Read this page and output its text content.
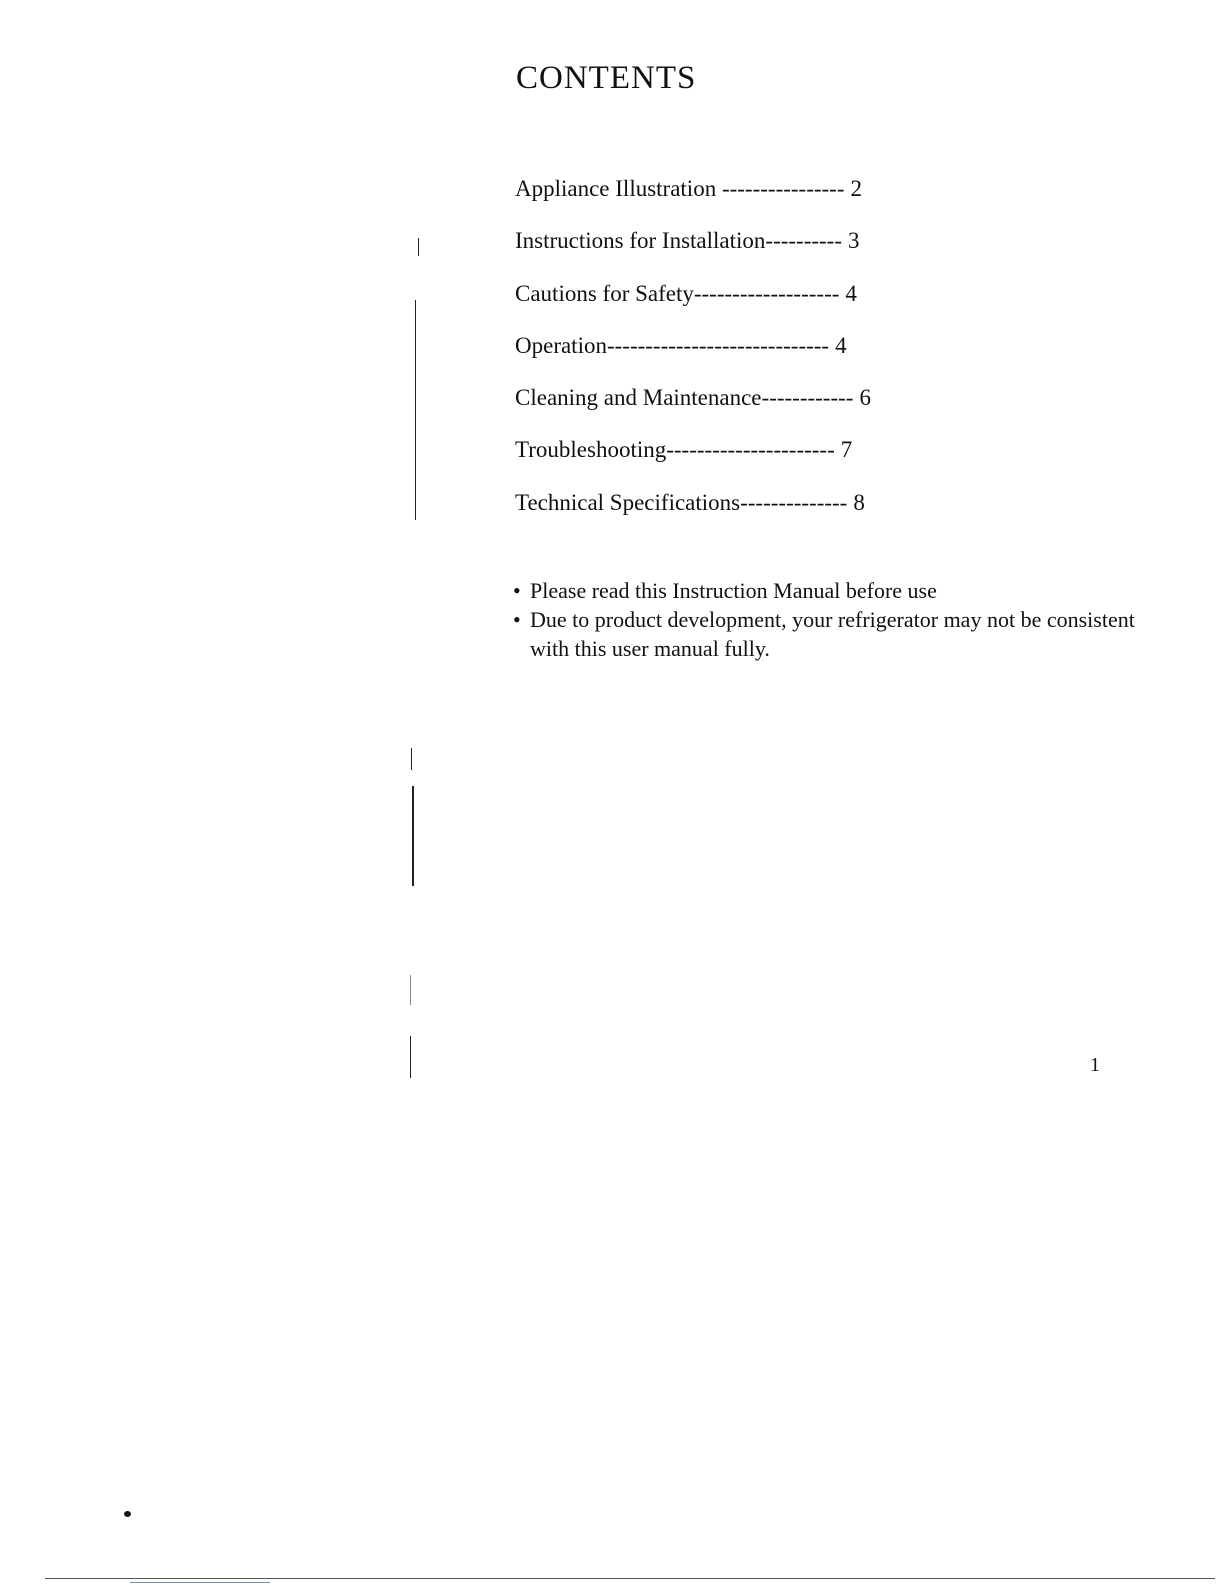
CONTENTS
Appliance Illustration ---------------- 2
Instructions for Installation---------- 3
Cautions for Safety------------------- 4
Operation----------------------------- 4
Cleaning and Maintenance------------ 6
Troubleshooting---------------------- 7
Technical Specifications-------------- 8
• Please read this Instruction Manual before use
• Due to product development, your refrigerator may not be consistent with this user manual fully.
1
